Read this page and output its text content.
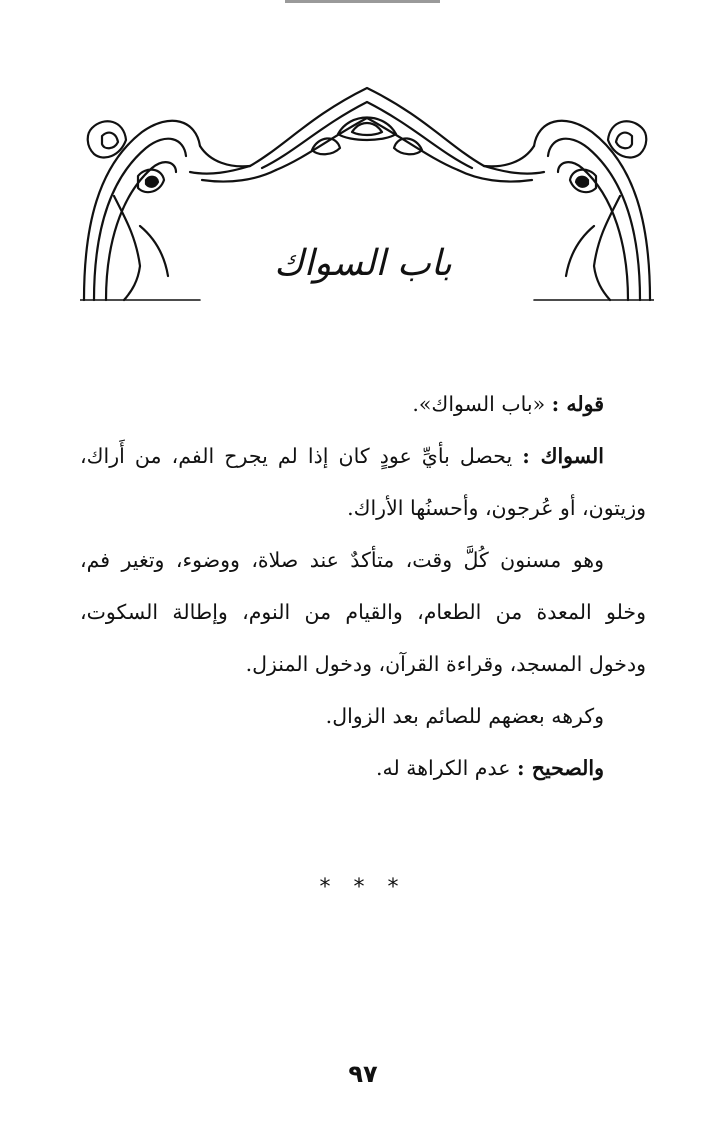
باب السواك

قوله : «باب السواك».

السواك : يحصل بأيِّ عودٍ كان إذا لم يجرح الفم، من أَراك، وزيتون، أو عُرجون، وأحسنُها الأراك.

وهو مسنون كُلَّ وقت، متأكدٌ عند صلاة، ووضوء، وتغير فم، وخلو المعدة من الطعام، والقيام من النوم، وإطالة السكوت، ودخول المسجد، وقراءة القرآن، ودخول المنزل.

وكرهه بعضهم للصائم بعد الزوال.

والصحيح : عدم الكراهة له.

* * *
٩٧
